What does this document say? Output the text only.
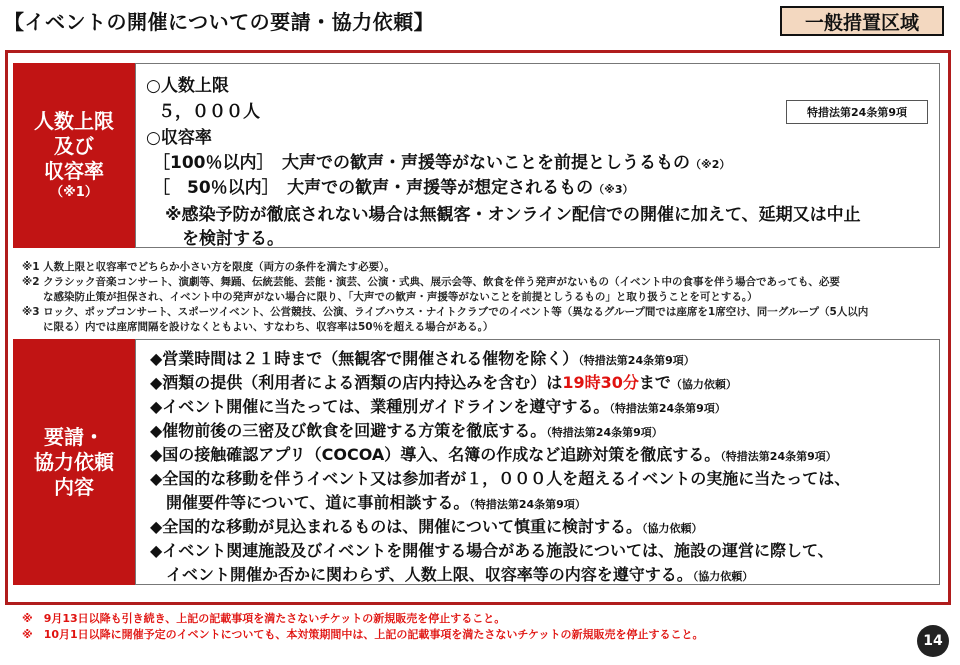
【イベントの開催についての要請・協力依頼】	一般措置区域
人数上限
及び
収容率
（※1）
○人数上限
５，０００人	特措法第24条第9項
○収容率
［100％以内］　大声での歓声・声援等がないことを前提としうるもの（※2）
［　50％以内］　大声での歓声・声援等が想定されるもの（※3）
※感染予防が徹底されない場合は無観客・オンライン配信での開催に加えて、延期又は中止
を検討する。
※1 人数上限と収容率でどちらか小さい方を限度（両方の条件を満たす必要）。
※2 クラシック音楽コンサート、演劇等、舞踊、伝統芸能、芸能・演芸、公演・式典、展示会等、飲食を伴う発声がないもの（イベント中の食事を伴う場合であっても、必要
　　な感染防止策が担保され、イベント中の発声がない場合に限り、「大声での歓声・声援等がないことを前提としうるもの」と取り扱うことを可とする。）
※3 ロック、ポップコンサート、スポーツイベント、公営競技、公演、ライブハウス・ナイトクラブでのイベント等（異なるグループ間では座席を1席空け、同一グループ（5人以内
　　に限る）内では座席間隔を設けなくともよい、すなわち、収容率は50％を超える場合がある。）
要請・
協力依頼
内容
◆営業時間は２１時まで（無観客で開催される催物を除く）（特措法第24条第9項）
◆酒類の提供（利用者による酒類の店内持込みを含む）は19時30分まで（協力依頼）
◆イベント開催に当たっては、業種別ガイドラインを遵守する。（特措法第24条第9項）
◆催物前後の三密及び飲食を回避する方策を徹底する。（特措法第24条第9項）
◆国の接触確認アプリ（COCOA）導入、名簿の作成など追跡対策を徹底する。（特措法第24条第9項）
◆全国的な移動を伴うイベント又は参加者が１，０００人を超えるイベントの実施に当たっては、
　開催要件等について、道に事前相談する。（特措法第24条第9項）
◆全国的な移動が見込まれるものは、開催について慎重に検討する。（協力依頼）
◆イベント関連施設及びイベントを開催する場合がある施設については、施設の運営に際して、
　イベント開催か否かに関わらず、人数上限、収容率等の内容を遵守する。（協力依頼）
※　9月13日以降も引き続き、上記の記載事項を満たさないチケットの新規販売を停止すること。
※　10月1日以降に開催予定のイベントについても、本対策期間中は、上記の記載事項を満たさないチケットの新規販売を停止すること。	14
